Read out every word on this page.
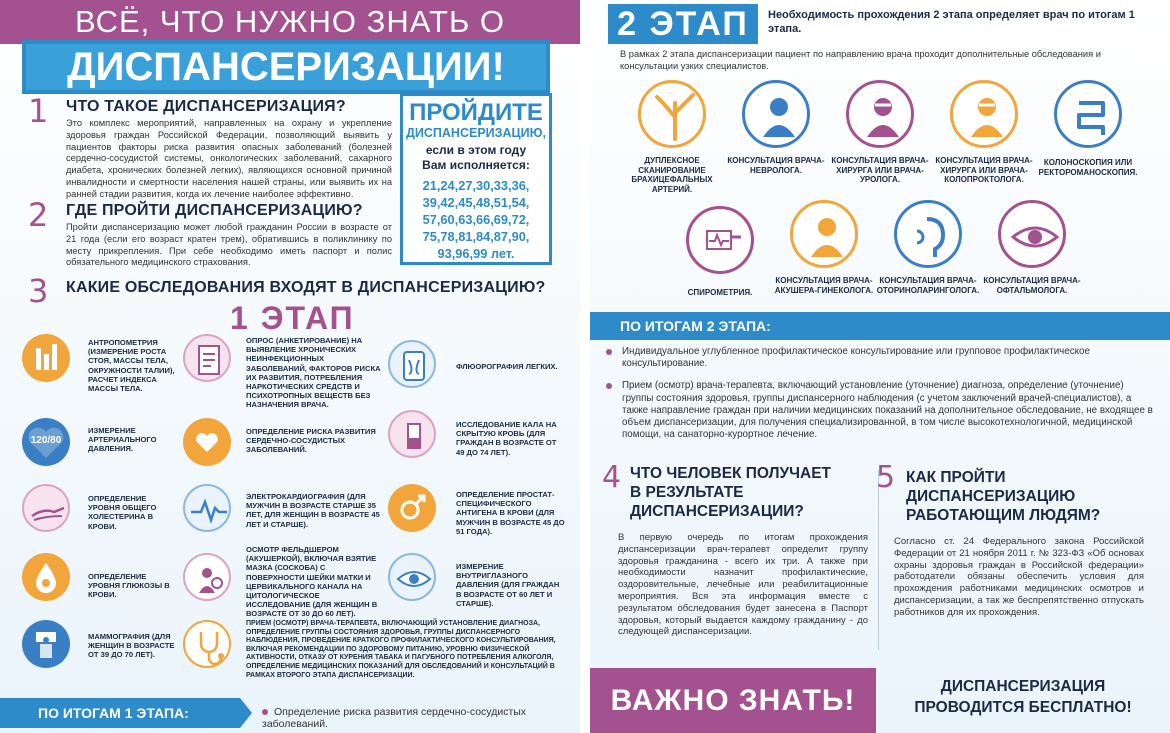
ВСЁ, ЧТО НУЖНО ЗНАТЬ О
ДИСПАНСЕРИЗАЦИИ!
1 ЧТО ТАКОЕ ДИСПАНСЕРИЗАЦИЯ?
Это комплекс мероприятий, направленных на охрану и укрепление здоровья граждан Российской Федерации, позволяющий выявить у пациентов факторы риска развития опасных заболеваний (болезней сердечно-сосудистой системы, онкологических заболеваний, сахарного диабета, хронических болезней легких), являющихся основной причиной инвалидности и смертности населения нашей страны, или выявить их на ранней стадии развития, когда их лечение наиболее эффективно.
2 ГДЕ ПРОЙТИ ДИСПАНСЕРИЗАЦИЮ?
Пройти диспансеризацию может любой гражданин России в возрасте от 21 года (если его возраст кратен трем), обратившись в поликлинику по месту прикрепления. При себе необходимо иметь паспорт и полис обязательного медицинского страхования.
ПРОЙДИТЕ
ДИСПАНСЕРИЗАЦИЮ,
если в этом году
Вам исполняется:
21,24,27,30,33,36,
39,42,45,48,51,54,
57,60,63,66,69,72,
75,78,81,84,87,90,
93,96,99 лет.
3 КАКИЕ ОБСЛЕДОВАНИЯ ВХОДЯТ В ДИСПАНСЕРИЗАЦИЮ?
1 ЭТАП
АНТРОПОМЕТРИЯ (ИЗМЕРЕНИЕ РОСТА СТОЯ, МАССЫ ТЕЛА, ОКРУЖНОСТИ ТАЛИИ), РАСЧЕТ ИНДЕКСА МАССЫ ТЕЛА.
120/80
ИЗМЕРЕНИЕ АРТЕРИАЛЬНОГО ДАВЛЕНИЯ.
ОПРЕДЕЛЕНИЕ УРОВНЯ ОБЩЕГО ХОЛЕСТЕРИНА В КРОВИ.
ОПРЕДЕЛЕНИЕ УРОВНЯ ГЛЮКОЗЫ В КРОВИ.
МАММОГРАФИЯ (ДЛЯ ЖЕНЩИН В ВОЗРАСТЕ ОТ 39 ДО 70 ЛЕТ).
ОПРОС (АНКЕТИРОВАНИЕ) НА ВЫЯВЛЕНИЕ ХРОНИЧЕСКИХ НЕИНФЕКЦИОННЫХ ЗАБОЛЕВАНИЙ, ФАКТОРОВ РИСКА ИХ РАЗВИТИЯ, ПОТРЕБЛЕНИЯ НАРКОТИЧЕСКИХ СРЕДСТВ И ПСИХОТРОПНЫХ ВЕЩЕСТВ БЕЗ НАЗНАЧЕНИЯ ВРАЧА.
ОПРЕДЕЛЕНИЕ РИСКА РАЗВИТИЯ СЕРДЕЧНО-СОСУДИСТЫХ ЗАБОЛЕВАНИЙ.
ЭЛЕКТРОКАРДИОГРАФИЯ (ДЛЯ МУЖЧИН В ВОЗРАСТЕ СТАРШЕ 35 ЛЕТ, ДЛЯ ЖЕНЩИН В ВОЗРАСТЕ 45 ЛЕТ И СТАРШЕ).
ОСМОТР ФЕЛЬДШЕРОМ (АКУШЕРКОЙ), ВКЛЮЧАЯ ВЗЯТИЕ МАЗКА (СОСКОБА) С ПОВЕРХНОСТИ ШЕЙКИ МАТКИ И ЦЕРВИКАЛЬНОГО КАНАЛА НА ЦИТОЛОГИЧЕСКОЕ ИССЛЕДОВАНИЕ (ДЛЯ ЖЕНЩИН В ВОЗРАСТЕ ОТ 30 ДО 60 ЛЕТ).
ПРИЕМ (ОСМОТР) ВРАЧА-ТЕРАПЕВТА, ВКЛЮЧАЮЩИЙ УСТАНОВЛЕНИЕ ДИАГНОЗА, ОПРЕДЕЛЕНИЕ ГРУППЫ СОСТОЯНИЯ ЗДОРОВЬЯ, ГРУППЫ ДИСПАНСЕРНОГО НАБЛЮДЕНИЯ, ПРОВЕДЕНИЕ КРАТКОГО ПРОФИЛАКТИЧЕСКОГО КОНСУЛЬТИРОВАНИЯ, ВКЛЮЧАЯ РЕКОМЕНДАЦИИ ПО ЗДОРОВОМУ ПИТАНИЮ, УРОВНЮ ФИЗИЧЕСКОЙ АКТИВНОСТИ, ОТКАЗУ ОТ КУРЕНИЯ ТАБАКА И ПАГУБНОГО ПОТРЕБЛЕНИЯ АЛКОГОЛЯ, ОПРЕДЕЛЕНИЕ МЕДИЦИНСКИХ ПОКАЗАНИЙ ДЛЯ ОБСЛЕДОВАНИЙ И КОНСУЛЬТАЦИЙ В РАМКАХ ВТОРОГО ЭТАПА ДИСПАНСЕРИЗАЦИИ.
ФЛЮОРОГРАФИЯ ЛЕГКИХ.
ИССЛЕДОВАНИЕ КАЛА НА СКРЫТУЮ КРОВЬ (ДЛЯ ГРАЖДАН В ВОЗРАСТЕ ОТ 49 ДО 74 ЛЕТ).
ОПРЕДЕЛЕНИЕ ПРОСТАТ-СПЕЦИФИЧЕСКОГО АНТИГЕНА В КРОВИ (ДЛЯ МУЖЧИН В ВОЗРАСТЕ 45 ДО 51 ГОДА).
ИЗМЕРЕНИЕ ВНУТРИГЛАЗНОГО ДАВЛЕНИЯ (ДЛЯ ГРАЖДАН В ВОЗРАСТЕ ОТ 60 ЛЕТ И СТАРШЕ).
ПО ИТОГАМ 1 ЭТАПА:	Определение риска развития сердечно-сосудистых заболеваний.
2 ЭТАП	Необходимость прохождения 2 этапа определяет врач по итогам 1 этапа.
В рамках 2 этапа диспансеризации пациент по направлению врача проходит дополнительные обследования и консультации узких специалистов.
ДУПЛЕКСНОЕ СКАНИРОВАНИЕ БРАХИЦЕФАЛЬНЫХ АРТЕРИЙ.
КОНСУЛЬТАЦИЯ ВРАЧА-НЕВРОЛОГА.
КОНСУЛЬТАЦИЯ ВРАЧА-ХИРУРГА ИЛИ ВРАЧА-УРОЛОГА.
КОНСУЛЬТАЦИЯ ВРАЧА-ХИРУРГА ИЛИ ВРАЧА-КОЛОПРОКТОЛОГА.
КОЛОНОСКОПИЯ ИЛИ РЕКТОРОМАНОСКОПИЯ.
СПИРОМЕТРИЯ.
КОНСУЛЬТАЦИЯ ВРАЧА-АКУШЕРА-ГИНЕКОЛОГА.
КОНСУЛЬТАЦИЯ ВРАЧА-ОТОРИНОЛАРИНГОЛОГА.
КОНСУЛЬТАЦИЯ ВРАЧА-ОФТАЛЬМОЛОГА.
ПО ИТОГАМ 2 ЭТАПА:
Индивидуальное углубленное профилактическое консультирование или групповое профилактическое консультирование.
Прием (осмотр) врача-терапевта, включающий установление (уточнение) диагноза, определение (уточнение) группы состояния здоровья, группы диспансерного наблюдения (с учетом заключений врачей-специалистов), а также направление граждан при наличии медицинских показаний на дополнительное обследование, не входящее в объем диспансеризации, для получения специализированной, в том числе высокотехнологичной, медицинской помощи, на санаторно-курортное лечение.
4 ЧТО ЧЕЛОВЕК ПОЛУЧАЕТ
В РЕЗУЛЬТАТЕ
ДИСПАНСЕРИЗАЦИИ?
В первую очередь по итогам прохождения диспансеризации врач-терапевт определит группу здоровья гражданина - всего их три. А также при необходимости назначит профилактические, оздоровительные, лечебные или реабилитационные мероприятия. Вся эта информация вместе с результатом обследования будет занесена в Паспорт здоровья, который выдается каждому гражданину - до следующей диспансеризации.
5 КАК ПРОЙТИ
ДИСПАНСЕРИЗАЦИЮ
РАБОТАЮЩИМ ЛЮДЯМ?
Согласно ст. 24 Федерального закона Российской Федерации от 21 ноября 2011 г. № 323-ФЗ «Об основах охраны здоровья граждан в Российской федерации» работодатели обязаны обеспечить условия для прохождения работниками медицинских осмотров и диспансеризации, а так же беспрепятственно отпускать работников для их прохождения.
ВАЖНО ЗНАТЬ!	ДИСПАНСЕРИЗАЦИЯ
ПРОВОДИТСЯ БЕСПЛАТНО!
